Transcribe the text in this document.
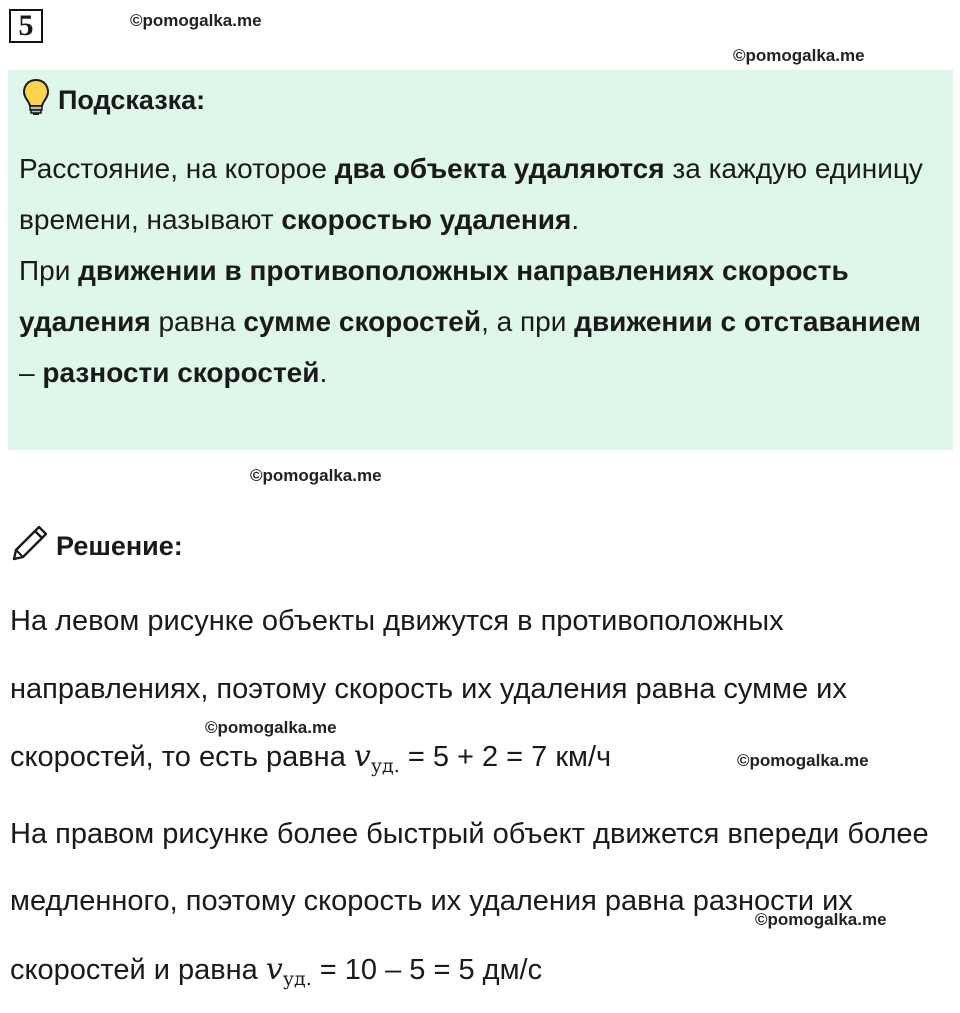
5	©pomogalka.me
©pomogalka.me
Подсказка:
Расстояние, на которое два объекта удаляются за каждую единицу времени, называют скоростью удаления.
При движении в противоположных направлениях скорость удаления равна сумме скоростей, а при движении с отставанием – разности скоростей.
©pomogalka.me
Решение:
На левом рисунке объекты движутся в противоположных направлениях, поэтому скорость их удаления равна сумме их скоростей, то есть равна $v_{уд.} = 5 + 2 = 7$ км/ч
На правом рисунке более быстрый объект движется впереди более медленного, поэтому скорость их удаления равна разности их скоростей и равна $v_{уд.} = 10 - 5 = 5$ дм/с
©pomogalka.me
©pomogalka.me
©pomogalka.me
